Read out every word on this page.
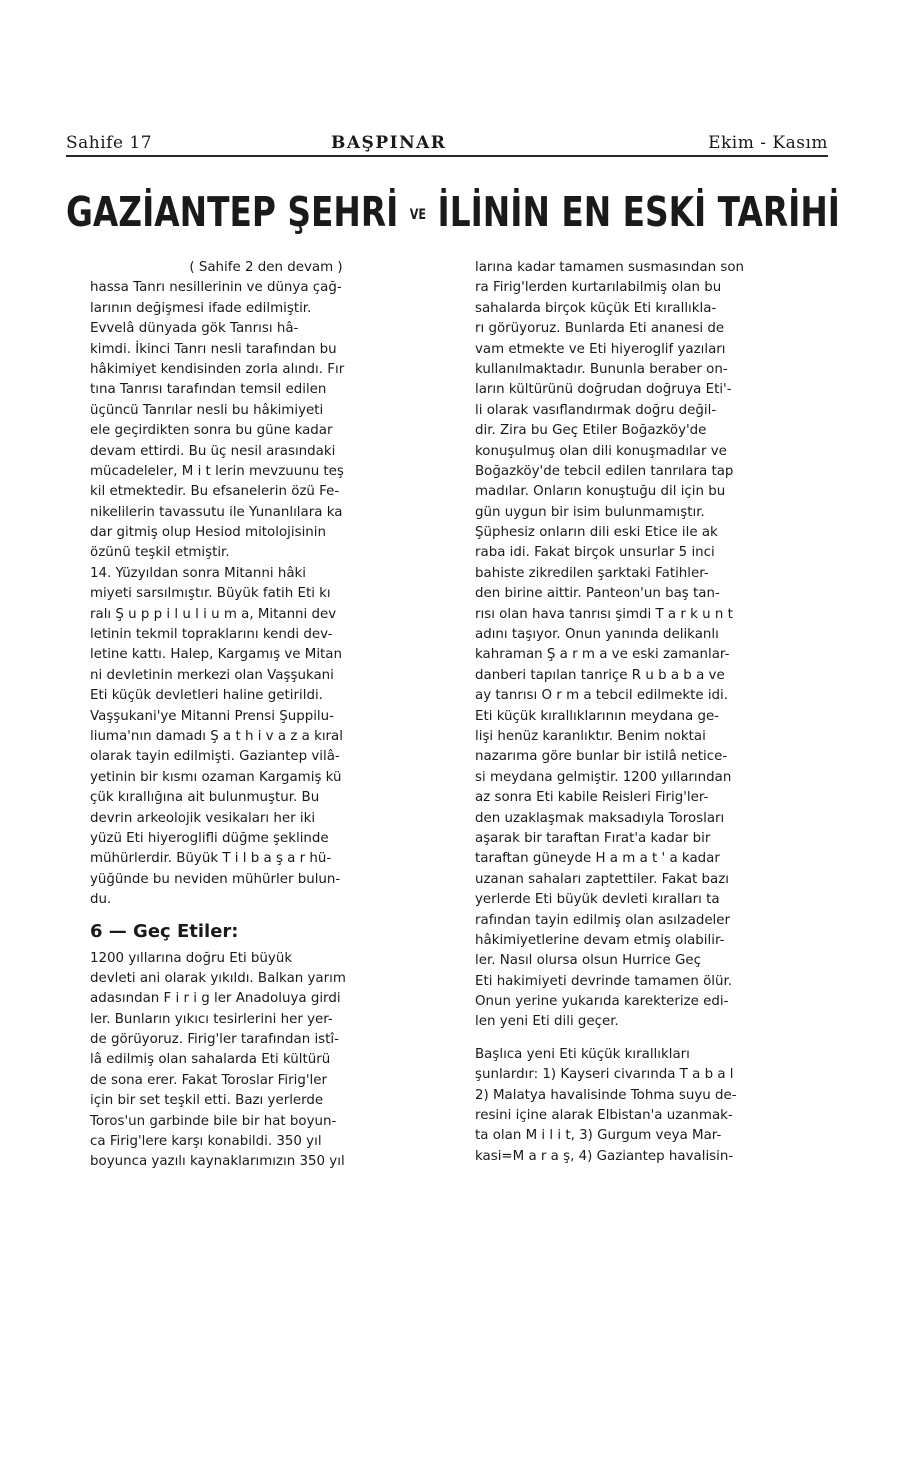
Sahife 17	BAŞPINAR	Ekim - Kasım
GAZİANTEP ŞEHRİ VE İLİNİN EN ESKİ TARİHİ
( Sahife 2 den devam )
hassa Tanrı nesillerinin ve dünya çağ-
larının değişmesi ifade edilmiştir.
Evvelâ dünyada gök Tanrısı hâ-
kimdi. İkinci Tanrı nesli tarafından bu
hâkimiyet kendisinden zorla alındı. Fır
tına Tanrısı tarafından temsil edilen
üçüncü Tanrılar nesli bu hâkimiyeti
ele geçirdikten sonra bu güne kadar
devam ettirdi. Bu üç nesil arasındaki
mücadeleler, M i t lerin mevzuunu teş
kil etmektedir. Bu efsanelerin özü Fe-
nikelilerin tavassutu ile Yunanlılara ka
dar gitmiş olup Hesiod mitolojisinin
özünü teşkil etmiştir.
14. Yüzyıldan sonra Mitanni hâki
miyeti sarsılmıştır. Büyük fatih Eti kı
ralı Ş u p p i l u l i u m a, Mitanni dev
letinin tekmil topraklarını kendi dev-
letine kattı. Halep, Kargamış ve Mitan
ni devletinin merkezi olan Vaşşukani
Eti küçük devletleri haline getirildi.
Vaşşukani'ye Mitanni Prensi Şuppilu-
liuma'nın damadı Ş a t h i v a z a kıral
olarak tayin edilmişti. Gaziantep vilâ-
yetinin bir kısmı ozaman Kargamiş kü
çük kırallığına ait bulunmuştur. Bu
devrin arkeolojik vesikaları her iki
yüzü Eti hiyeroglifli düğme şeklinde
mühürlerdir. Büyük T i l b a ş a r hü-
yüğünde bu neviden mühürler bulun-
du.
6 — Geç Etiler:
1200 yıllarına doğru Eti büyük
devleti ani olarak yıkıldı. Balkan yarım
adasından F i r i g ler Anadoluya girdi
ler. Bunların yıkıcı tesirlerini her yer-
de görüyoruz. Firig'ler tarafından istî-
lâ edilmiş olan sahalarda Eti kültürü
de sona erer. Fakat Toroslar Firig'ler
için bir set teşkil etti. Bazı yerlerde
Toros'un garbinde bile bir hat boyun-
ca Firig'lere karşı konabildi. 350 yıl
boyunca yazılı kaynaklarımızın 350 yıl
larına kadar tamamen susmasından son
ra Firig'lerden kurtarılabilmiş olan bu
sahalarda birçok küçük Eti kırallıkla-
rı görüyoruz. Bunlarda Eti ananesi de
vam etmekte ve Eti hiyeroglif yazıları
kullanılmaktadır. Bununla beraber on-
ların kültürünü doğrudan doğruya Eti'-
li olarak vasıflandırmak doğru değil-
dir. Zira bu Geç Etiler Boğazköy'de
konuşulmuş olan dili konuşmadılar ve
Boğazköy'de tebcil edilen tanrılara tap
madılar. Onların konuştuğu dil için bu
gün uygun bir isim bulunmamıştır.
Şüphesiz onların dili eski Etice ile ak
raba idi. Fakat birçok unsurlar 5 inci
bahiste zikredilen şarktaki Fatihler-
den birine aittir. Panteon'un baş tan-
rısı olan hava tanrısı şimdi T a r k u n t
adını taşıyor. Onun yanında delikanlı
kahraman Ş a r m a ve eski zamanlar-
danberi tapılan tanriçe R u b a b a ve
ay tanrısı O r m a tebcil edilmekte idi.
Eti küçük kırallıklarının meydana ge-
lişi henüz karanlıktır. Benim noktai
nazarıma göre bunlar bir istilâ netice-
si meydana gelmiştir. 1200 yıllarından
az sonra Eti kabile Reisleri Firig'ler-
den uzaklaşmak maksadıyla Torosları
aşarak bir taraftan Fırat'a kadar bir
taraftan güneyde H a m a t ' a kadar
uzanan sahaları zaptettiler. Fakat bazı
yerlerde Eti büyük devleti kıralları ta
rafından tayin edilmiş olan asılzadeler
hâkimiyetlerine devam etmiş olabilir-
ler. Nasıl olursa olsun Hurrice Geç
Eti hakimiyeti devrinde tamamen ölür.
Onun yerine yukarıda karekterize edi-
len yeni Eti dili geçer.
Başlıca yeni Eti küçük kırallıkları
şunlardır: 1) Kayseri civarında T a b a l
2) Malatya havalisinde Tohma suyu de-
resini içine alarak Elbistan'a uzanmak-
ta olan M i l i t, 3) Gurgum veya Mar-
kasi=M a r a ş, 4) Gaziantep havalisin-
